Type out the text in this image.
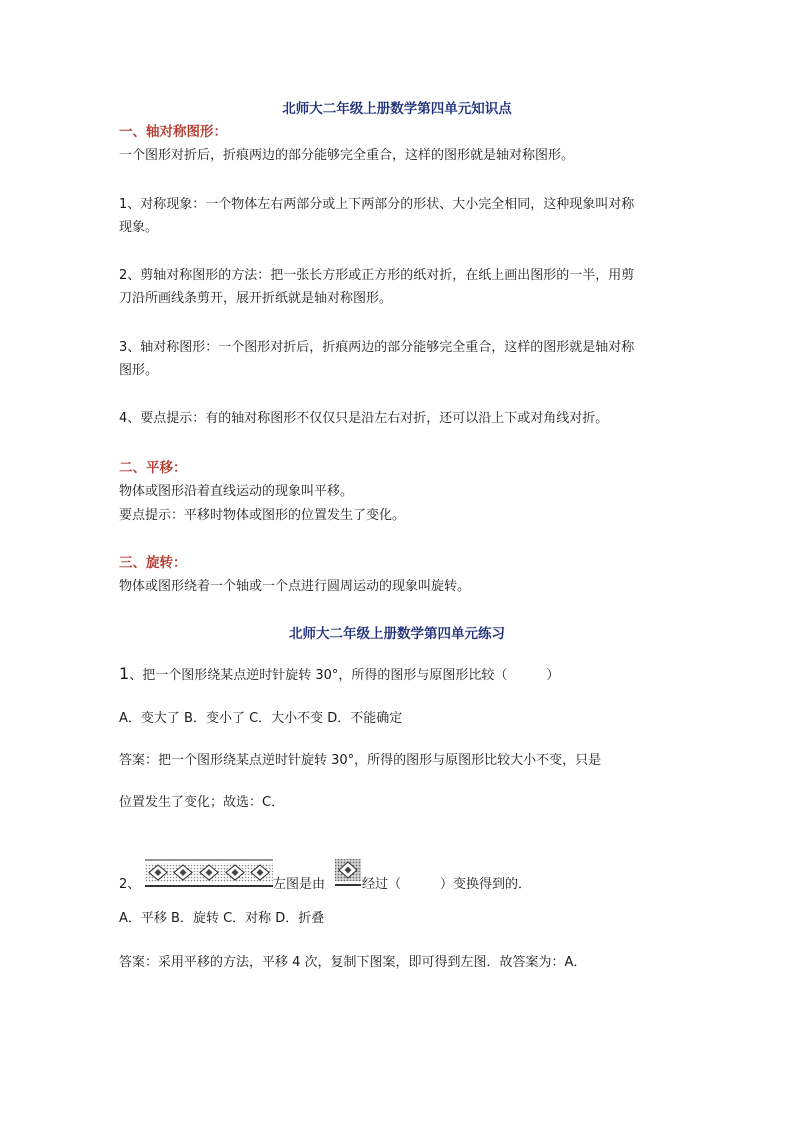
北师大二年级上册数学第四单元知识点

一、轴对称图形：

一个图形对折后，折痕两边的部分能够完全重合，这样的图形就是轴对称图形。

1、对称现象：一个物体左右两部分或上下两部分的形状、大小完全相同，这种现象叫对称

现象。

2、剪轴对称图形的方法：把一张长方形或正方形的纸对折，在纸上画出图形的一半，用剪

刀沿所画线条剪开，展开折纸就是轴对称图形。

3、轴对称图形：一个图形对折后，折痕两边的部分能够完全重合，这样的图形就是轴对称

图形。

4、要点提示：有的轴对称图形不仅仅只是沿左右对折，还可以沿上下或对角线对折。

二、平移：

物体或图形沿着直线运动的现象叫平移。

要点提示：平移时物体或图形的位置发生了变化。

三、旋转：

物体或图形绕着一个轴或一个点进行圆周运动的现象叫旋转。

北师大二年级上册数学第四单元练习

1、把一个图形绕某点逆时针旋转 30°，所得的图形与原图形比较（　　　）

A．变大了 B．变小了 C．大小不变 D．不能确定

答案：把一个图形绕某点逆时针旋转 30°，所得的图形与原图形比较大小不变，只是

位置发生了变化；故选：C．

2、	左图是由	经过（　　　）变换得到的．

A．平移 B．旋转 C．对称 D．折叠

答案：采用平移的方法，平移 4 次，复制下图案，即可得到左图．故答案为：A．
